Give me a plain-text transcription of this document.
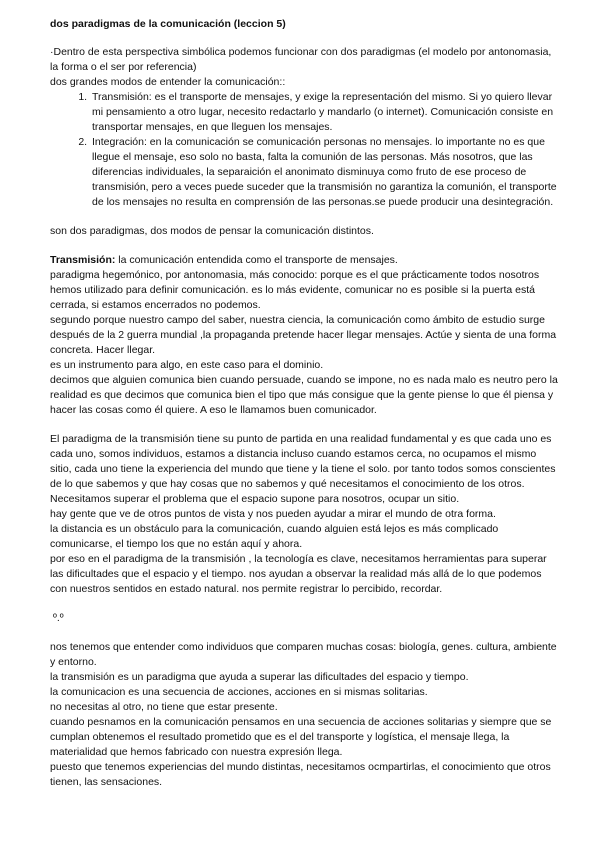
dos paradigmas de la comunicación (leccion 5)

·Dentro de esta perspectiva simbólica podemos funcionar con dos paradigmas (el modelo por antonomasia, la forma o el ser por referencia)

dos grandes modos de entender la comunicación::

1. Transmisión: es el transporte de mensajes, y exige la representación del mismo. Si yo quiero llevar mi pensamiento a otro lugar, necesito redactarlo y mandarlo (o internet). Comunicación consiste en transportar mensajes, en que lleguen los mensajes.
2. Integración: en la comunicación se comunicación personas no mensajes. lo importante no es que llegue el mensaje, eso solo no basta, falta la comunión de las personas. Más nosotros, que las diferencias individuales, la separaición el anonimato disminuya como fruto de ese proceso de transmisión, pero a veces puede suceder que la transmisión no garantiza la comunión, el transporte de los mensajes no resulta en comprensión de las personas.se puede producir una desintegración.

son dos paradigmas, dos modos de pensar la comunicación distintos.

Transmisión: la comunicación entendida como el transporte de mensajes.

paradigma hegemónico, por antonomasia, más conocido: porque es el que prácticamente todos nosotros hemos utilizado para definir comunicación. es lo más evidente, comunicar no es posible si la puerta está cerrada, si estamos encerrados no podemos.

segundo porque nuestro campo del saber, nuestra ciencia, la comunicación como ámbito de estudio surge después de la 2 guerra mundial ,la propaganda pretende hacer llegar mensajes. Actúe y sienta de una forma concreta. Hacer llegar.

es un instrumento para algo, en este caso para el dominio.

decimos que alguien comunica bien cuando persuade, cuando se impone, no es nada malo es neutro pero la realidad es que decimos que comunica bien el tipo que más consigue que la gente piense lo que él piensa y hacer las cosas como él quiere. A eso le llamamos buen comunicador.

El paradigma de la transmisión tiene su punto de partida en una realidad fundamental y es que cada uno es cada uno, somos individuos, estamos a distancia incluso cuando estamos cerca, no ocupamos el mismo sitio, cada uno tiene la experiencia del mundo que tiene y la tiene el solo. por tanto todos somos conscientes de lo que sabemos y que hay cosas que no sabemos y qué necesitamos el conocimiento de los otros. Necesitamos superar el problema que el espacio supone para nosotros, ocupar un sitio.

hay gente que ve de otros puntos de vista y nos pueden ayudar a mirar el mundo de otra forma.

la distancia es un obstáculo para la comunicación, cuando alguien está lejos es más complicado comunicarse, el tiempo los que no están aquí y ahora.

por eso en el paradigma de la transmisión , la tecnología es clave, necesitamos herramientas para superar las dificultades que el espacio y el tiempo. nos ayudan a observar la realidad más allá de lo que podemos con nuestros sentidos en estado natural. nos permite registrar lo percibido, recordar.

º.º

nos tenemos que entender como individuos que comparen muchas cosas: biología, genes. cultura, ambiente y entorno.

la transmisión es un paradigma que ayuda a superar las dificultades del espacio y tiempo.

la comunicacion es una secuencia de acciones, acciones en si mismas solitarias.

no necesitas al otro, no tiene que estar presente.

cuando pesnamos en la comunicación pensamos en una secuencia de acciones solitarias y siempre que se cumplan obtenemos el resultado prometido que es el del transporte y logística, el mensaje llega, la materialidad que hemos fabricado con nuestra expresión llega.

puesto que tenemos experiencias del mundo distintas, necesitamos ocmpartirlas, el conocimiento que otros tienen, las sensaciones.
